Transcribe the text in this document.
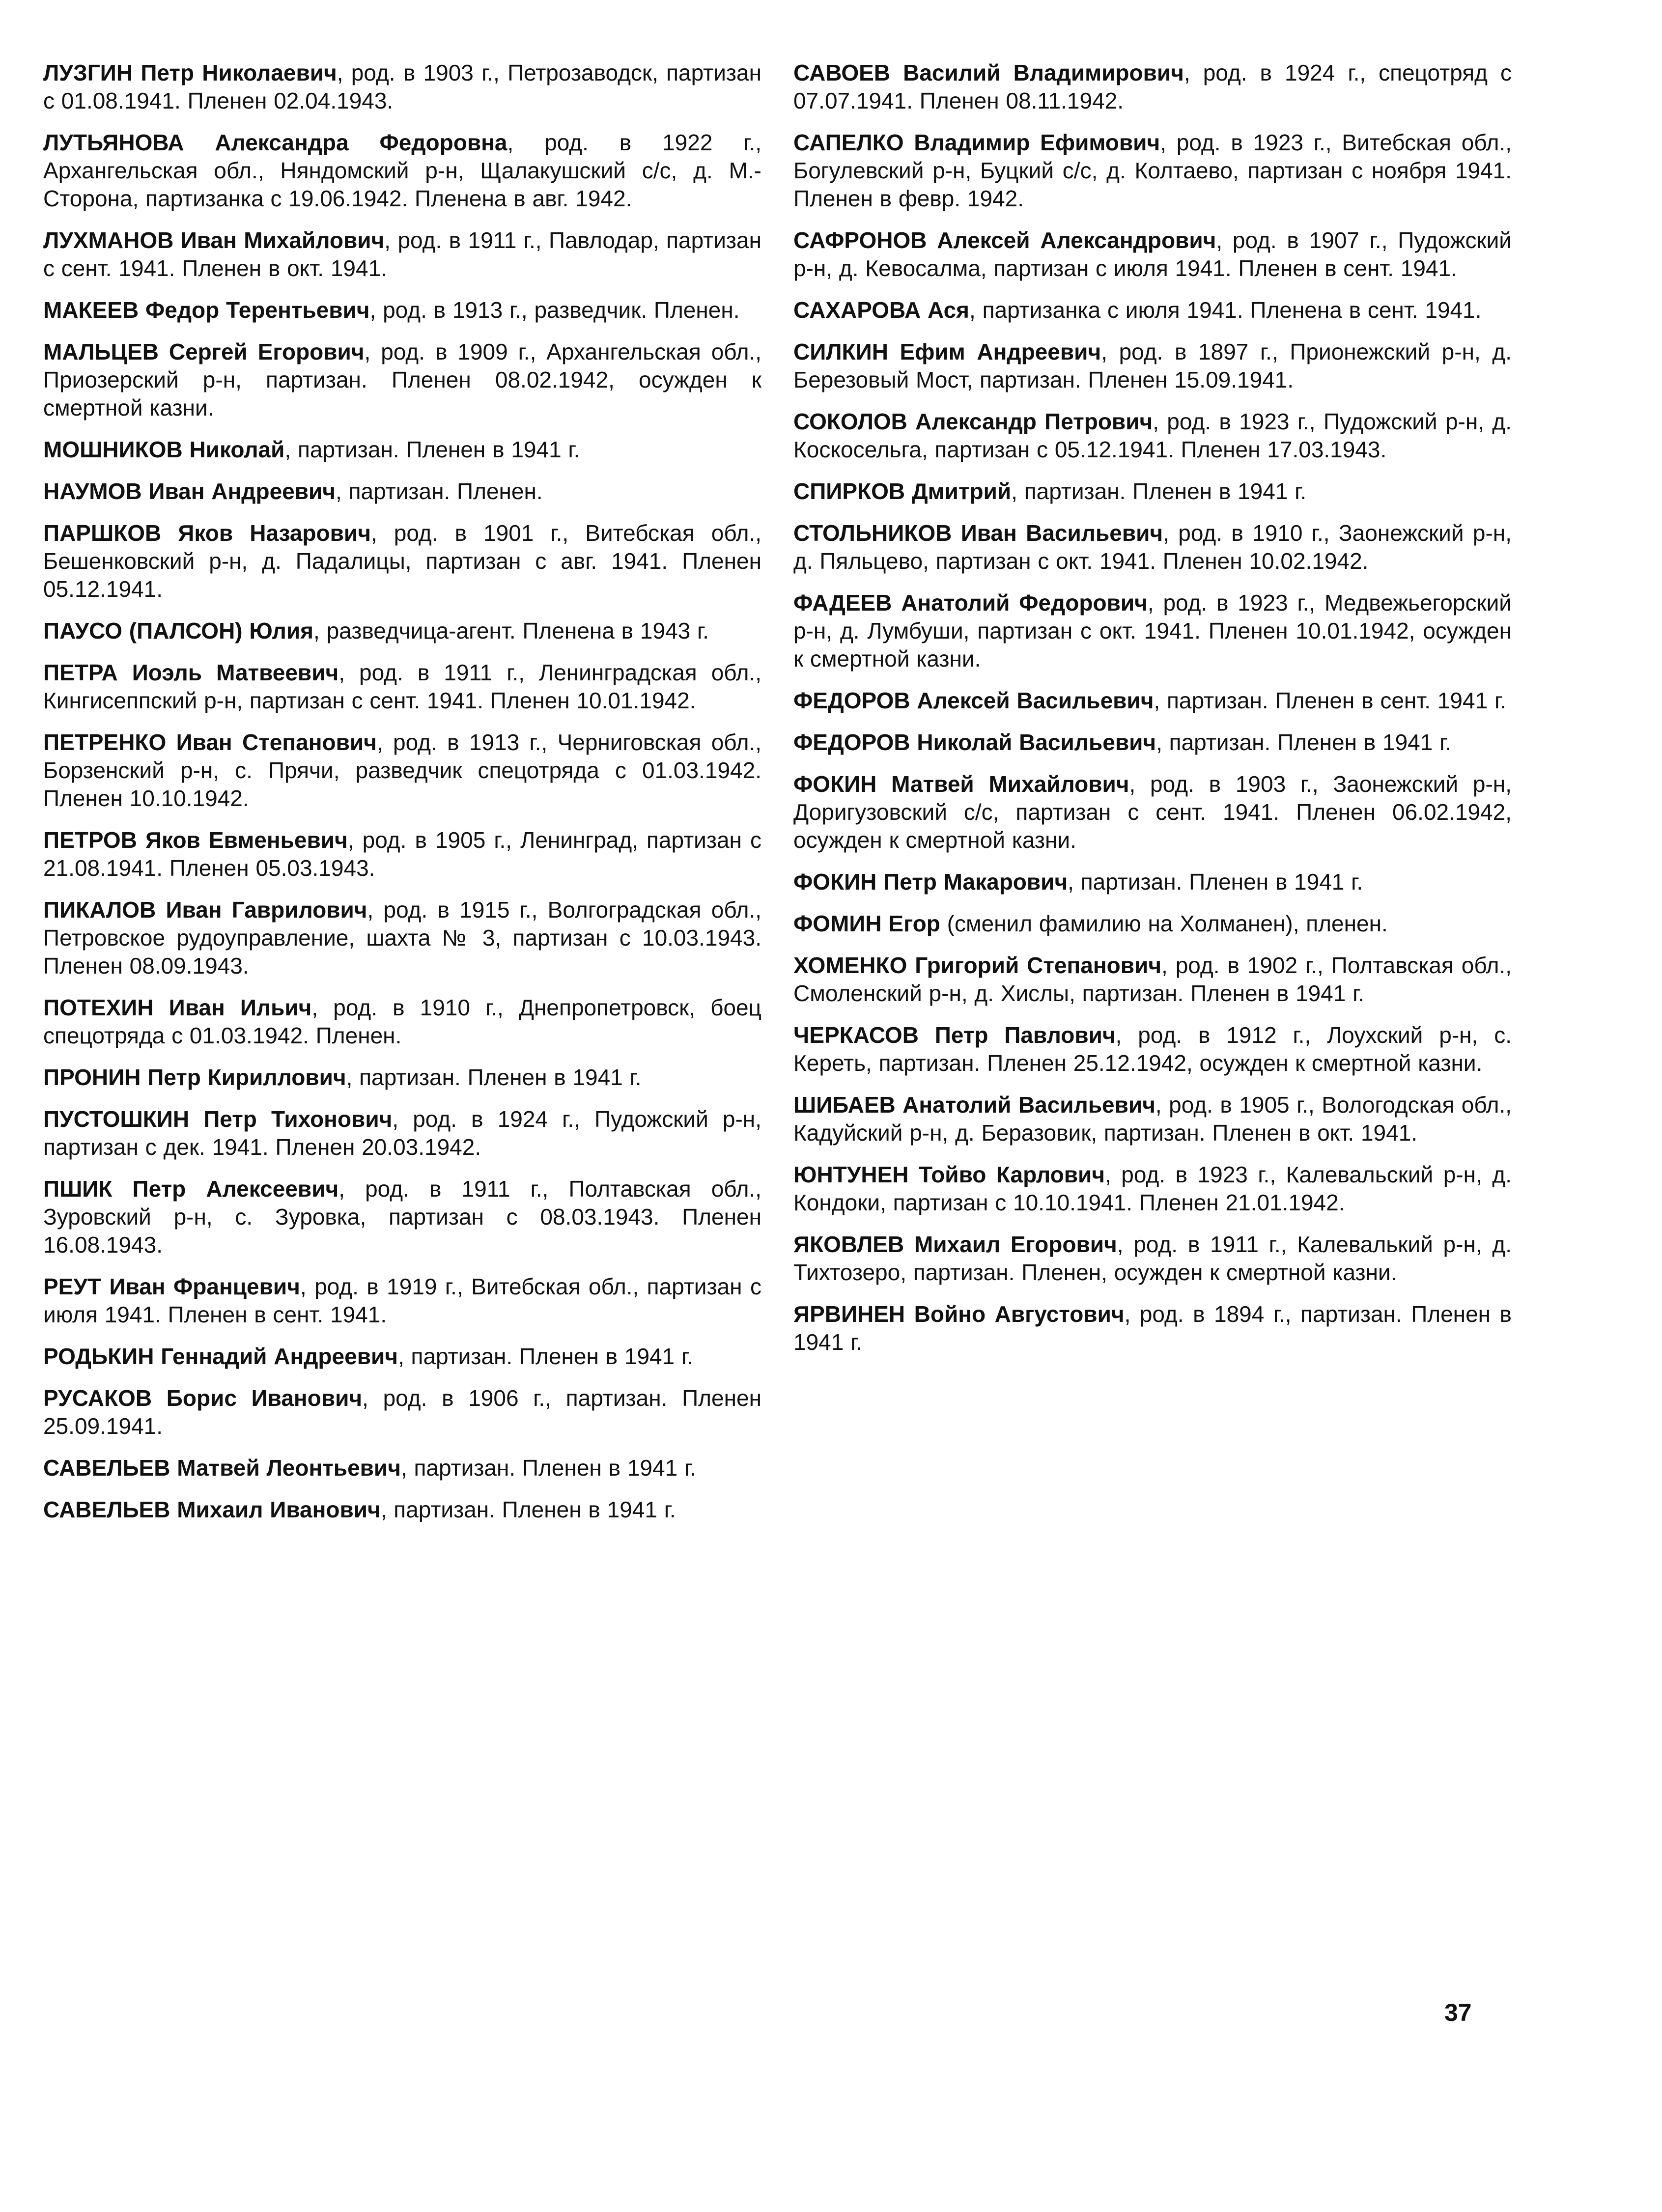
ЛУЗГИН Петр Николаевич, род. в 1903 г., Петрозаводск, партизан с 01.08.1941. Пленен 02.04.1943.

ЛУТЬЯНОВА Александра Федоровна, род. в 1922 г., Архангельская обл., Няндомский р-н, Щалакушский с/с, д. М.-Сторона, партизанка с 19.06.1942. Пленена в авг. 1942.

ЛУХМАНОВ Иван Михайлович, род. в 1911 г., Павлодар, партизан с сент. 1941. Пленен в окт. 1941.

МАКЕЕВ Федор Терентьевич, род. в 1913 г., разведчик. Пленен.

МАЛЬЦЕВ Сергей Егорович, род. в 1909 г., Архангельская обл., Приозерский р-н, партизан. Пленен 08.02.1942, осужден к смертной казни.

МОШНИКОВ Николай, партизан. Пленен в 1941 г.

НАУМОВ Иван Андреевич, партизан. Пленен.

ПАРШКОВ Яков Назарович, род. в 1901 г., Витебская обл., Бешенковский р-н, д. Падалицы, партизан с авг. 1941. Пленен 05.12.1941.

ПАУСО (ПАЛСОН) Юлия, разведчица-агент. Пленена в 1943 г.

ПЕТРА Иоэль Матвеевич, род. в 1911 г., Ленинградская обл., Кингисеппский р-н, партизан с сент. 1941. Пленен 10.01.1942.

ПЕТРЕНКО Иван Степанович, род. в 1913 г., Черниговская обл., Борзенский р-н, с. Прячи, разведчик спецотряда с 01.03.1942. Пленен 10.10.1942.

ПЕТРОВ Яков Евменьевич, род. в 1905 г., Ленинград, партизан с 21.08.1941. Пленен 05.03.1943.

ПИКАЛОВ Иван Гаврилович, род. в 1915 г., Волгоградская обл., Петровское рудоуправление, шахта № 3, партизан с 10.03.1943. Пленен 08.09.1943.

ПОТЕХИН Иван Ильич, род. в 1910 г., Днепропетровск, боец спецотряда с 01.03.1942. Пленен.

ПРОНИН Петр Кириллович, партизан. Пленен в 1941 г.

ПУСТОШКИН Петр Тихонович, род. в 1924 г., Пудожский р-н, партизан с дек. 1941. Пленен 20.03.1942.

ПШИК Петр Алексеевич, род. в 1911 г., Полтавская обл., Зуровский р-н, с. Зуровка, партизан с 08.03.1943. Пленен 16.08.1943.

РЕУТ Иван Францевич, род. в 1919 г., Витебская обл., партизан с июля 1941. Пленен в сент. 1941.

РОДЬКИН Геннадий Андреевич, партизан. Пленен в 1941 г.

РУСАКОВ Борис Иванович, род. в 1906 г., партизан. Пленен 25.09.1941.

САВЕЛЬЕВ Матвей Леонтьевич, партизан. Пленен в 1941 г.

САВЕЛЬЕВ Михаил Иванович, партизан. Пленен в 1941 г.

САВОЕВ Василий Владимирович, род. в 1924 г., спецотряд с 07.07.1941. Пленен 08.11.1942.

САПЕЛКО Владимир Ефимович, род. в 1923 г., Витебская обл., Богулевский р-н, Буцкий с/с, д. Колтаево, партизан с ноября 1941. Пленен в февр. 1942.

САФРОНОВ Алексей Александрович, род. в 1907 г., Пудожский р-н, д. Кевосалма, партизан с июля 1941. Пленен в сент. 1941.

САХАРОВА Ася, партизанка с июля 1941. Пленена в сент. 1941.

СИЛКИН Ефим Андреевич, род. в 1897 г., Прионежский р-н, д. Березовый Мост, партизан. Пленен 15.09.1941.

СОКОЛОВ Александр Петрович, род. в 1923 г., Пудожский р-н, д. Коскосельга, партизан с 05.12.1941. Пленен 17.03.1943.

СПИРКОВ Дмитрий, партизан. Пленен в 1941 г.

СТОЛЬНИКОВ Иван Васильевич, род. в 1910 г., Заонежский р-н, д. Пяльцево, партизан с окт. 1941. Пленен 10.02.1942.

ФАДЕЕВ Анатолий Федорович, род. в 1923 г., Медвежьегорский р-н, д. Лумбуши, партизан с окт. 1941. Пленен 10.01.1942, осужден к смертной казни.

ФЕДОРОВ Алексей Васильевич, партизан. Пленен в сент. 1941 г.

ФЕДОРОВ Николай Васильевич, партизан. Пленен в 1941 г.

ФОКИН Матвей Михайлович, род. в 1903 г., Заонежский р-н, Доригузовский с/с, партизан с сент. 1941. Пленен 06.02.1942, осужден к смертной казни.

ФОКИН Петр Макарович, партизан. Пленен в 1941 г.

ФОМИН Егор (сменил фамилию на Холманен), пленен.

ХОМЕНКО Григорий Степанович, род. в 1902 г., Полтавская обл., Смоленский р-н, д. Хислы, партизан. Пленен в 1941 г.

ЧЕРКАСОВ Петр Павлович, род. в 1912 г., Лоухский р-н, с. Кереть, партизан. Пленен 25.12.1942, осужден к смертной казни.

ШИБАЕВ Анатолий Васильевич, род. в 1905 г., Вологодская обл., Кадуйский р-н, д. Беразовик, партизан. Пленен в окт. 1941.

ЮНТУНЕН Тойво Карлович, род. в 1923 г., Калевальский р-н, д. Кондоки, партизан с 10.10.1941. Пленен 21.01.1942.

ЯКОВЛЕВ Михаил Егорович, род. в 1911 г., Калевалький р-н, д. Тихтозеро, партизан. Пленен, осужден к смертной казни.

ЯРВИНЕН Войно Августович, род. в 1894 г., партизан. Пленен в 1941 г.

37
